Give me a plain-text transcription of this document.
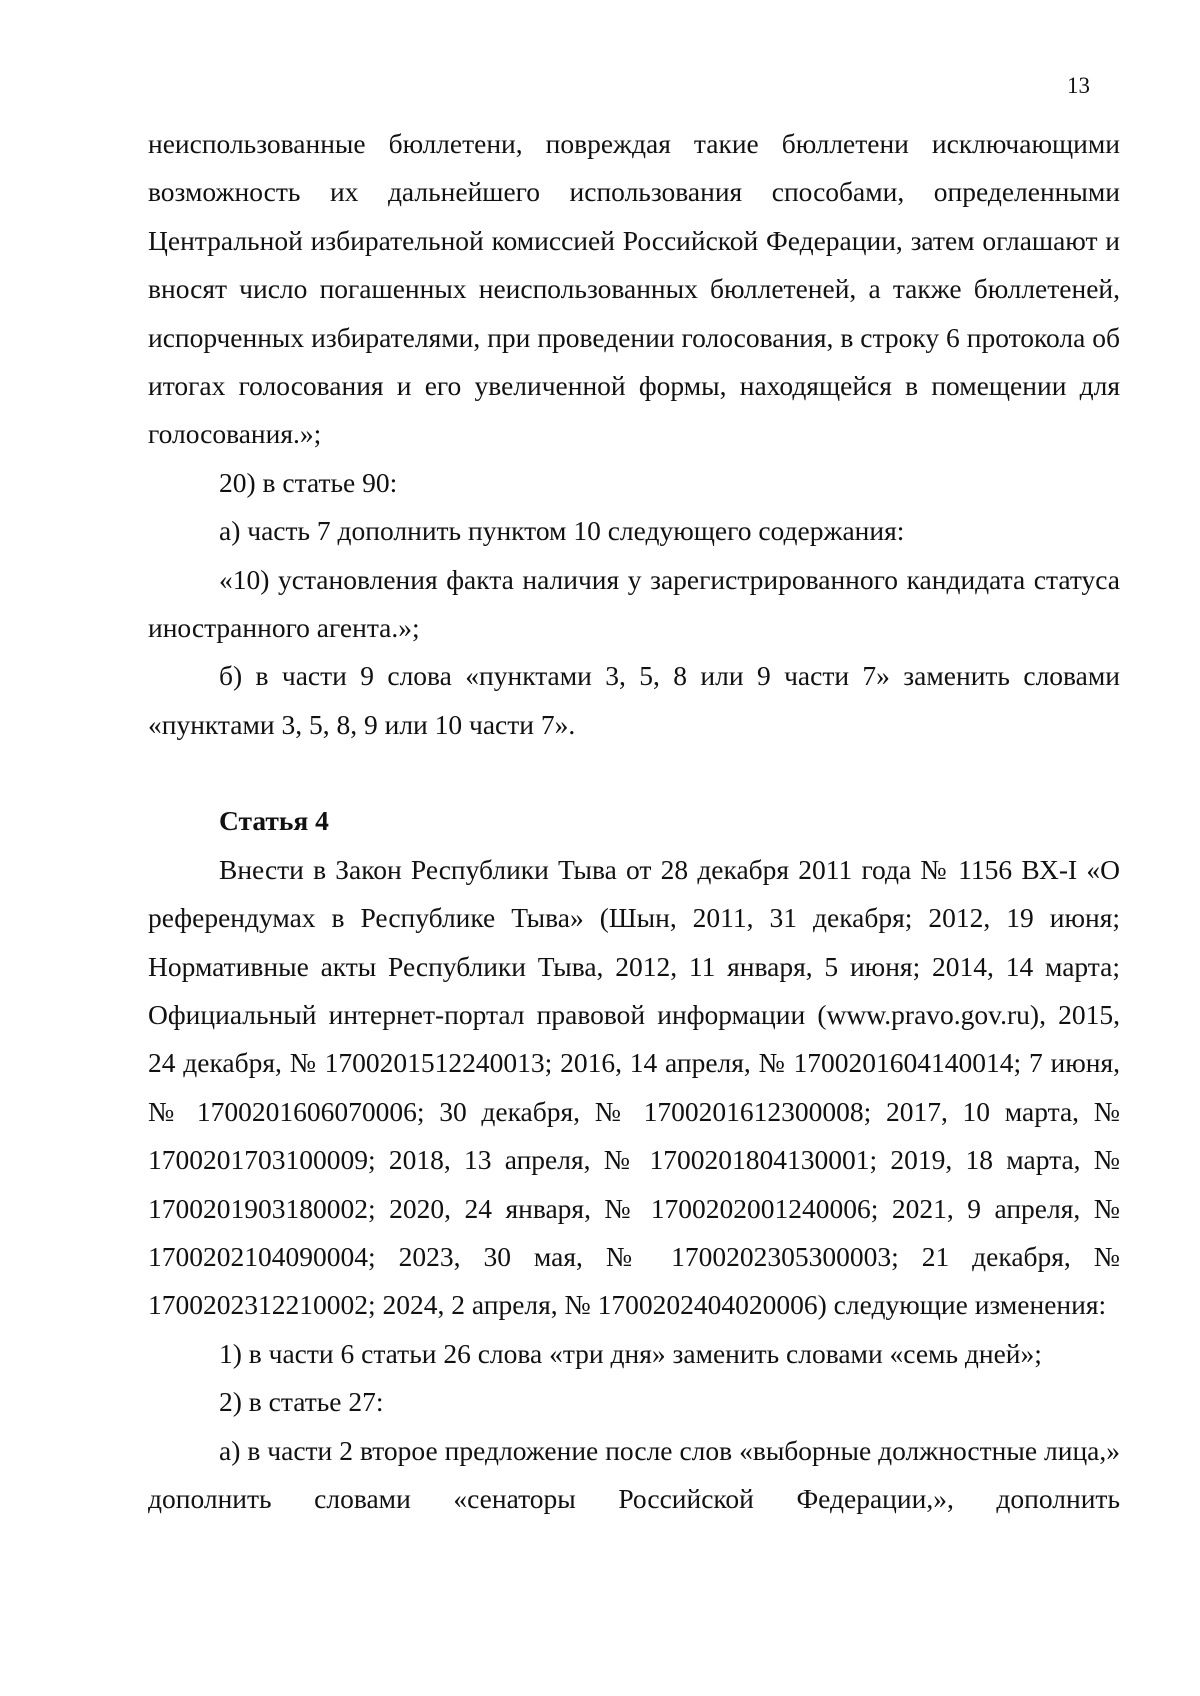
13

неиспользованные бюллетени, повреждая такие бюллетени исключающими возможность их дальнейшего использования способами, определенными Центральной избирательной комиссией Российской Федерации, затем оглашают и вносят число погашенных неиспользованных бюллетеней, а также бюллетеней, испорченных избирателями, при проведении голосования, в строку 6 протокола об итогах голосования и его увеличенной формы, находящейся в помещении для голосования.»;

20) в статье 90:

а) часть 7 дополнить пунктом 10 следующего содержания:

«10) установления факта наличия у зарегистрированного кандидата статуса иностранного агента.»;

б) в части 9 слова «пунктами 3, 5, 8 или 9 части 7» заменить словами «пунктами 3, 5, 8, 9 или 10 части 7».

Статья 4

Внести в Закон Республики Тыва от 28 декабря 2011 года № 1156 ВХ-I «О референдумах в Республике Тыва» (Шын, 2011, 31 декабря; 2012, 19 июня; Нормативные акты Республики Тыва, 2012, 11 января, 5 июня; 2014, 14 марта; Официальный интернет-портал правовой информации (www.pravo.gov.ru), 2015, 24 декабря, № 1700201512240013; 2016, 14 апреля, № 1700201604140014; 7 июня, № 1700201606070006; 30 декабря, № 1700201612300008; 2017, 10 марта, № 1700201703100009; 2018, 13 апреля, № 1700201804130001; 2019, 18 марта, № 1700201903180002; 2020, 24 января, № 1700202001240006; 2021, 9 апреля, № 1700202104090004; 2023, 30 мая, № 1700202305300003; 21 декабря, № 1700202312210002; 2024, 2 апреля, № 1700202404020006) следующие изменения:

1) в части 6 статьи 26 слова «три дня» заменить словами «семь дней»;

2) в статье 27:

а) в части 2 второе предложение после слов «выборные должностные лица,» дополнить словами «сенаторы Российской Федерации,», дополнить
